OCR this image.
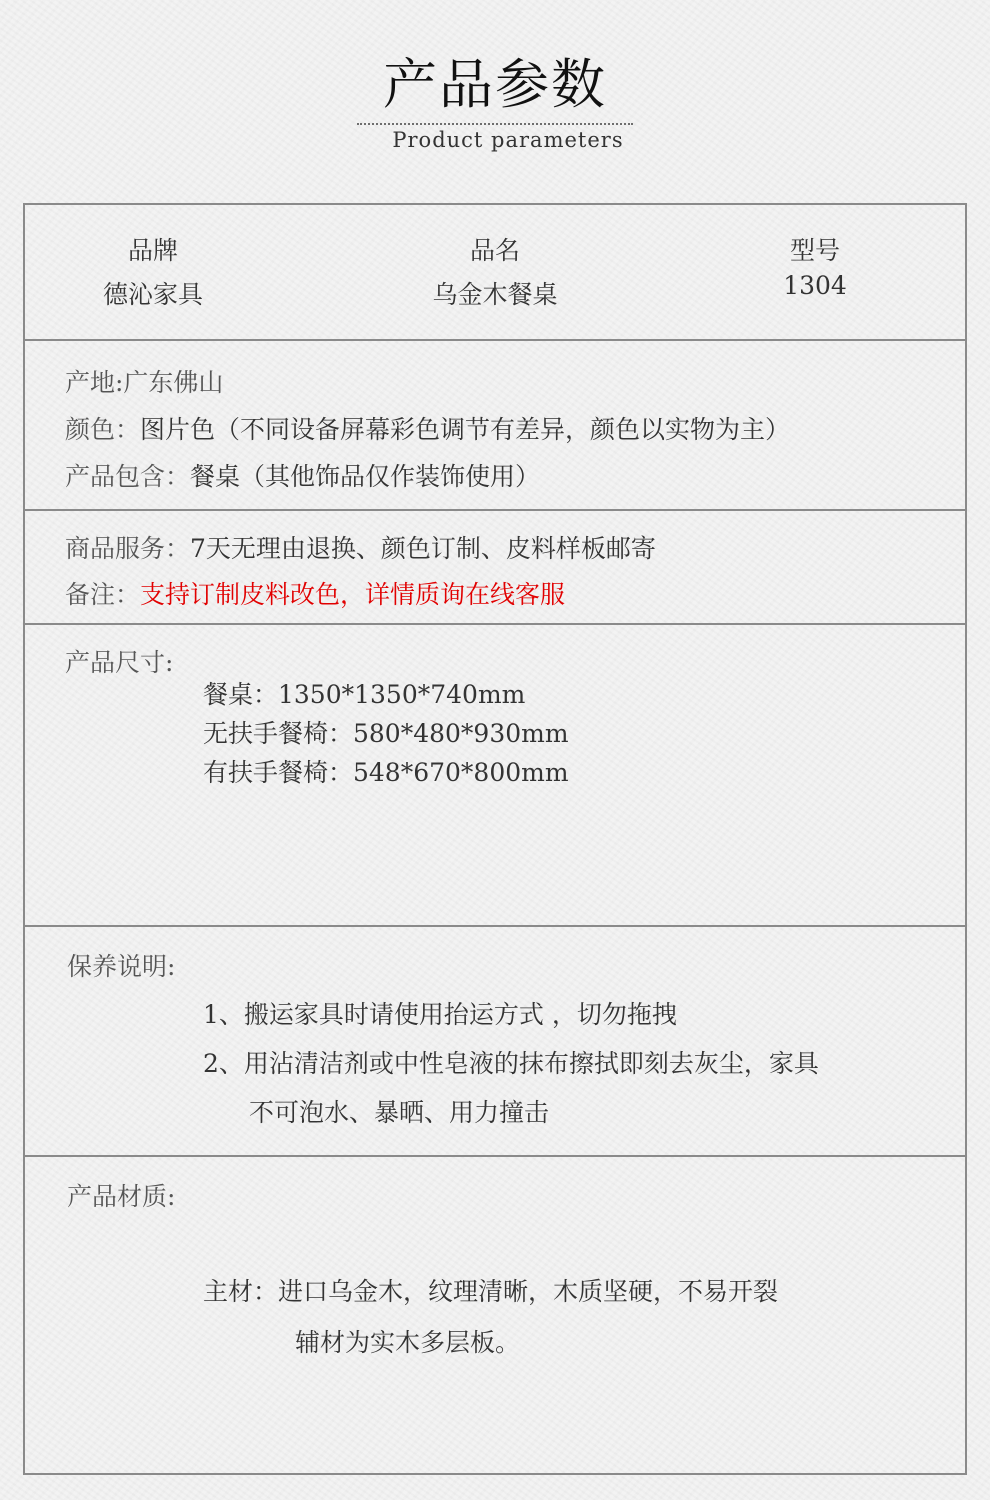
产品参数
Product parameters
品牌
德沁家具
品名
乌金木餐桌
型号
1304
产地:广东佛山
颜色：图片色（不同设备屏幕彩色调节有差异，颜色以实物为主）
产品包含：餐桌（其他饰品仅作装饰使用）
商品服务：7天无理由退换、颜色订制、皮料样板邮寄
备注：支持订制皮料改色，详情质询在线客服
产品尺寸:
餐桌：1350*1350*740mm
无扶手餐椅：580*480*930mm
有扶手餐椅：548*670*800mm
保养说明:
1、搬运家具时请使用抬运方式 ，切勿拖拽
2、用沾清洁剂或中性皂液的抹布擦拭即刻去灰尘，家具
不可泡水、暴晒、用力撞击
产品材质:
主材：进口乌金木，纹理清晰，木质坚硬，不易开裂
辅材为实木多层板。
